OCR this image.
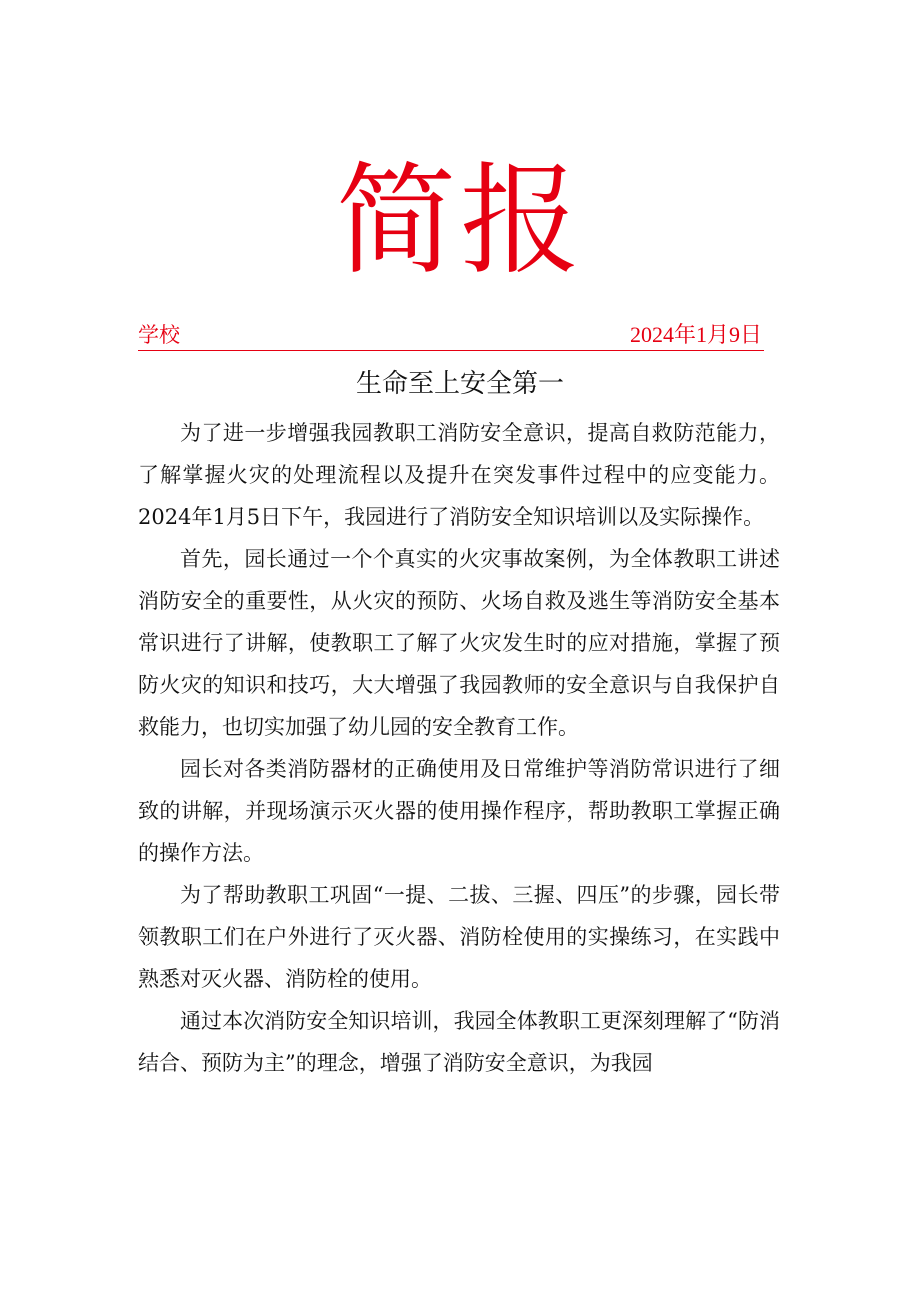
简报
学校	2024年1月9日
生命至上安全第一

为了进一步增强我园教职工消防安全意识，提高自救防范能力，了解掌握火灾的处理流程以及提升在突发事件过程中的应变能力。2024年1月5日下午，我园进行了消防安全知识培训以及实际操作。

首先，园长通过一个个真实的火灾事故案例，为全体教职工讲述消防安全的重要性，从火灾的预防、火场自救及逃生等消防安全基本常识进行了讲解，使教职工了解了火灾发生时的应对措施，掌握了预防火灾的知识和技巧，大大增强了我园教师的安全意识与自我保护自救能力，也切实加强了幼儿园的安全教育工作。

园长对各类消防器材的正确使用及日常维护等消防常识进行了细致的讲解，并现场演示灭火器的使用操作程序，帮助教职工掌握正确的操作方法。

为了帮助教职工巩固“一提、二拔、三握、四压”的步骤，园长带领教职工们在户外进行了灭火器、消防栓使用的实操练习，在实践中熟悉对灭火器、消防栓的使用。

通过本次消防安全知识培训，我园全体教职工更深刻理解了“防消结合、预防为主”的理念，增强了消防安全意识，为我园
